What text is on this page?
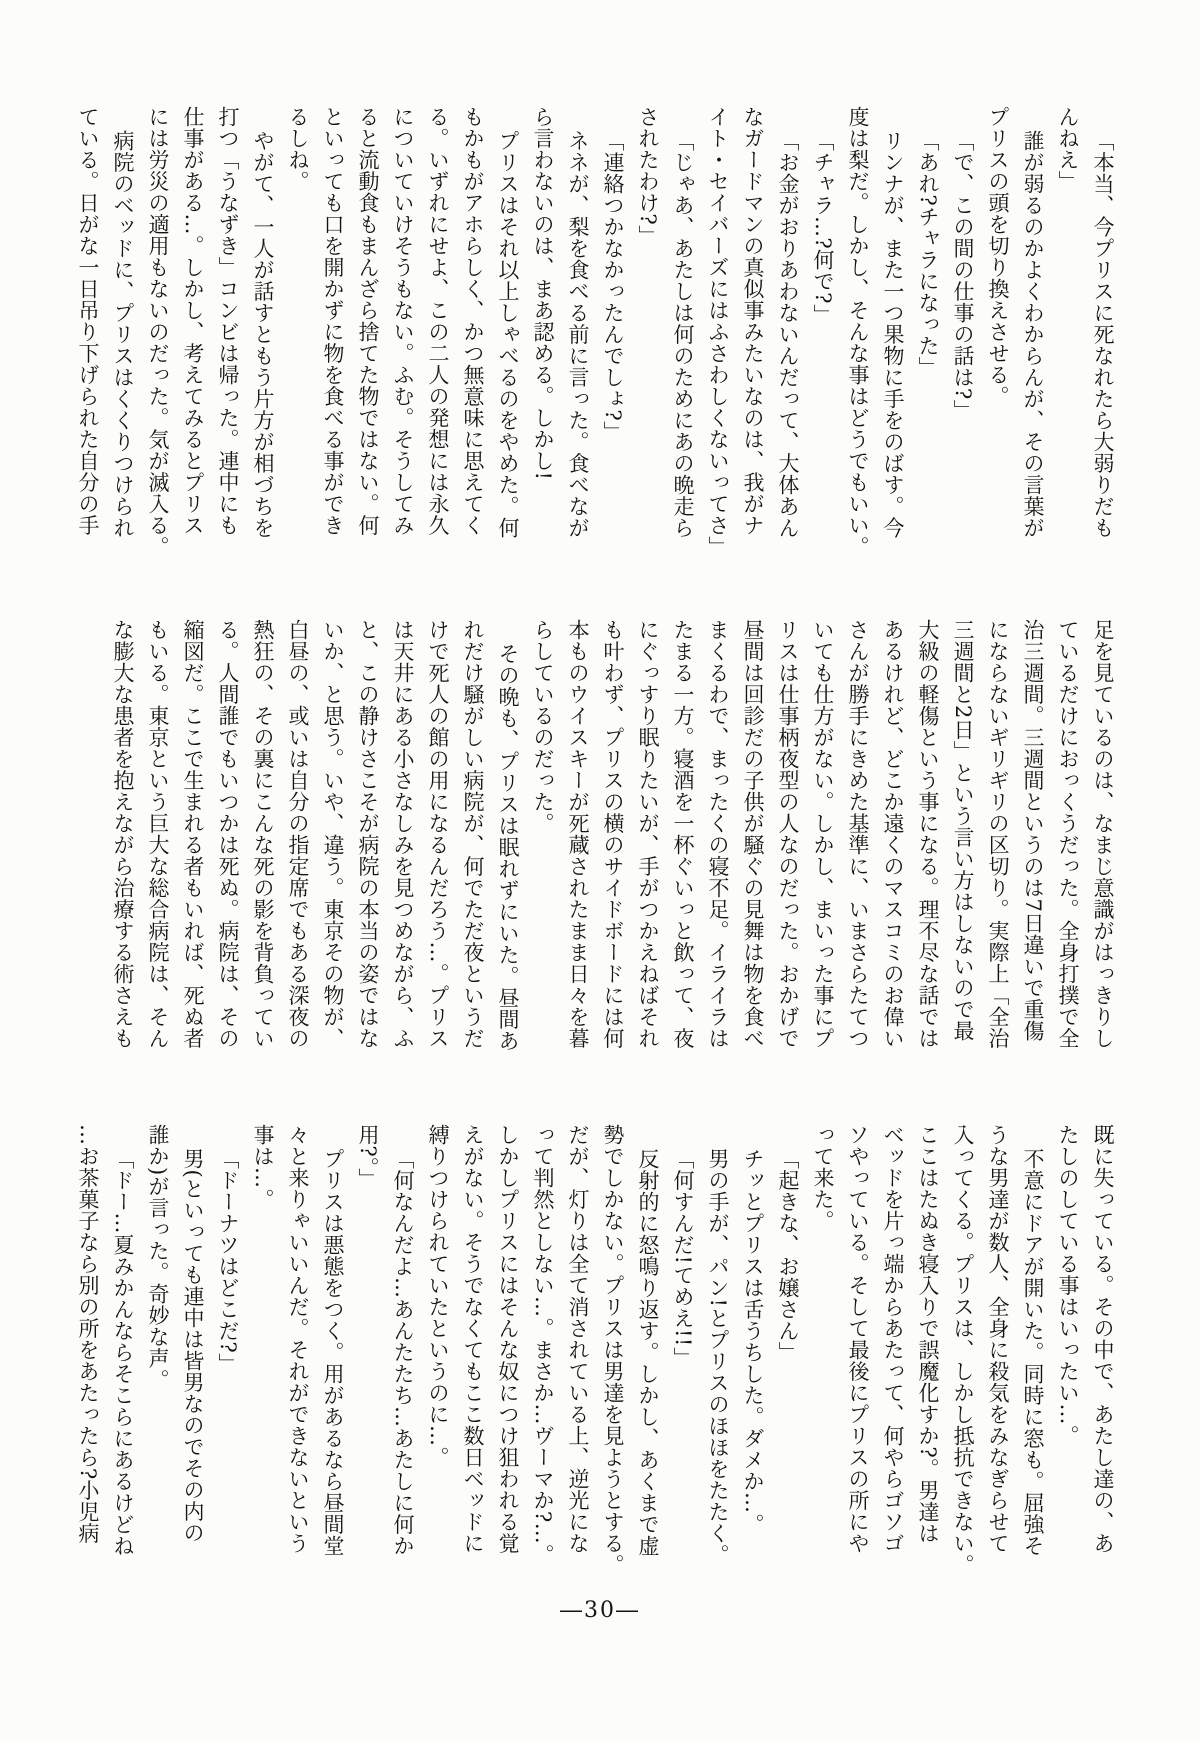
「本当、今プリスに死なれたら大弱りだも
んねえ」
誰が弱るのかよくわからんが、その言葉が
プリスの頭を切り換えさせる。
「で、この間の仕事の話は?」
「あれ?チャラになった」
リンナが、また一つ果物に手をのばす。今
度は梨だ。しかし、そんな事はどうでもいい。
「チャラ…?何で?」
「お金がおりあわないんだって、大体あん
なガードマンの真似事みたいなのは、我がナ
イト・セイバーズにはふさわしくないってさ」
「じゃあ、あたしは何のためにあの晩走ら
されたわけ?」
「連絡つかなかったんでしょ?」
ネネが、梨を食べる前に言った。食べなが
ら言わないのは、まあ認める。しかし!
プリスはそれ以上しゃべるのをやめた。何
もかもがアホらしく、かつ無意味に思えてく
る。いずれにせよ、この二人の発想には永久
についていけそうもない。ふむ。そうしてみ
ると流動食もまんざら捨てた物ではない。何
といっても口を開かずに物を食べる事ができ
るしね。
やがて、一人が話すともう片方が相づちを
打つ「うなずき」コンビは帰った。連中にも
仕事がある…。しかし、考えてみるとプリス
には労災の適用もないのだった。気が滅入る。
病院のベッドに、プリスはくくりつけられ
ている。日がな一日吊り下げられた自分の手
足を見ているのは、なまじ意識がはっきりし
ているだけにおっくうだった。全身打撲で全
治三週間。三週間というのは7日違いで重傷
にならないギリギリの区切り。実際上「全治
三週間と2日」という言い方はしないので最
大級の軽傷という事になる。理不尽な話では
あるけれど、どこか遠くのマスコミのお偉い
さんが勝手にきめた基準に、いまさらたてつ
いても仕方がない。しかし、まいった事にプ
リスは仕事柄夜型の人なのだった。おかげで
昼間は回診だの子供が騒ぐの見舞は物を食べ
まくるわで、まったくの寝不足。イライラは
たまる一方。寝酒を一杯ぐいっと飲って、夜
にぐっすり眠りたいが、手がつかえねばそれ
も叶わず、プリスの横のサイドボードには何
本ものウイスキーが死蔵されたまま日々を暮
らしているのだった。
その晩も、プリスは眠れずにいた。昼間あ
れだけ騒がしい病院が、何でただ夜というだ
けで死人の館の用になるんだろう…。プリス
は天井にある小さなしみを見つめながら、ふ
と、この静けさこそが病院の本当の姿ではな
いか、と思う。いや、違う。東京その物が、
白昼の、或いは自分の指定席でもある深夜の
熱狂の、その裏にこんな死の影を背負ってい
る。人間誰でもいつかは死ぬ。病院は、その
縮図だ。ここで生まれる者もいれば、死ぬ者
もいる。東京という巨大な総合病院は、そん
な膨大な患者を抱えながら治療する術さえも
既に失っている。その中で、あたし達の、あ
たしのしている事はいったい…。
不意にドアが開いた。同時に窓も。屈強そ
うな男達が数人、全身に殺気をみなぎらせて
入ってくる。プリスは、しかし抵抗できない。
ここはたぬき寝入りで誤魔化すか?。男達は
ベッドを片っ端からあたって、何やらゴソゴ
ソやっている。そして最後にプリスの所にや
って来た。
「起きな、お嬢さん」
チッとプリスは舌うちした。ダメか…。
男の手が、パン!とプリスのほほをたたく。
「何すんだ!てめえ!!」
反射的に怒鳴り返す。しかし、あくまで虚
勢でしかない。プリスは男達を見ようとする。
だが、灯りは全て消されている上、逆光にな
って判然としない…。まさか…ヴーマか?…。
しかしプリスにはそんな奴につけ狙われる覚
えがない。そうでなくてもここ数日ベッドに
縛りつけられていたというのに…。
「何なんだよ…あんたたち…あたしに何か
用?。」
プリスは悪態をつく。用があるなら昼間堂
々と来りゃいいんだ。それができないという
事は…。
「ドーナツはどこだ?」
男(といっても連中は皆男なのでその内の
誰か)が言った。奇妙な声。
「ドー…夏みかんならそこらにあるけどね
…お茶菓子なら別の所をあたったら?小児病
―30―
